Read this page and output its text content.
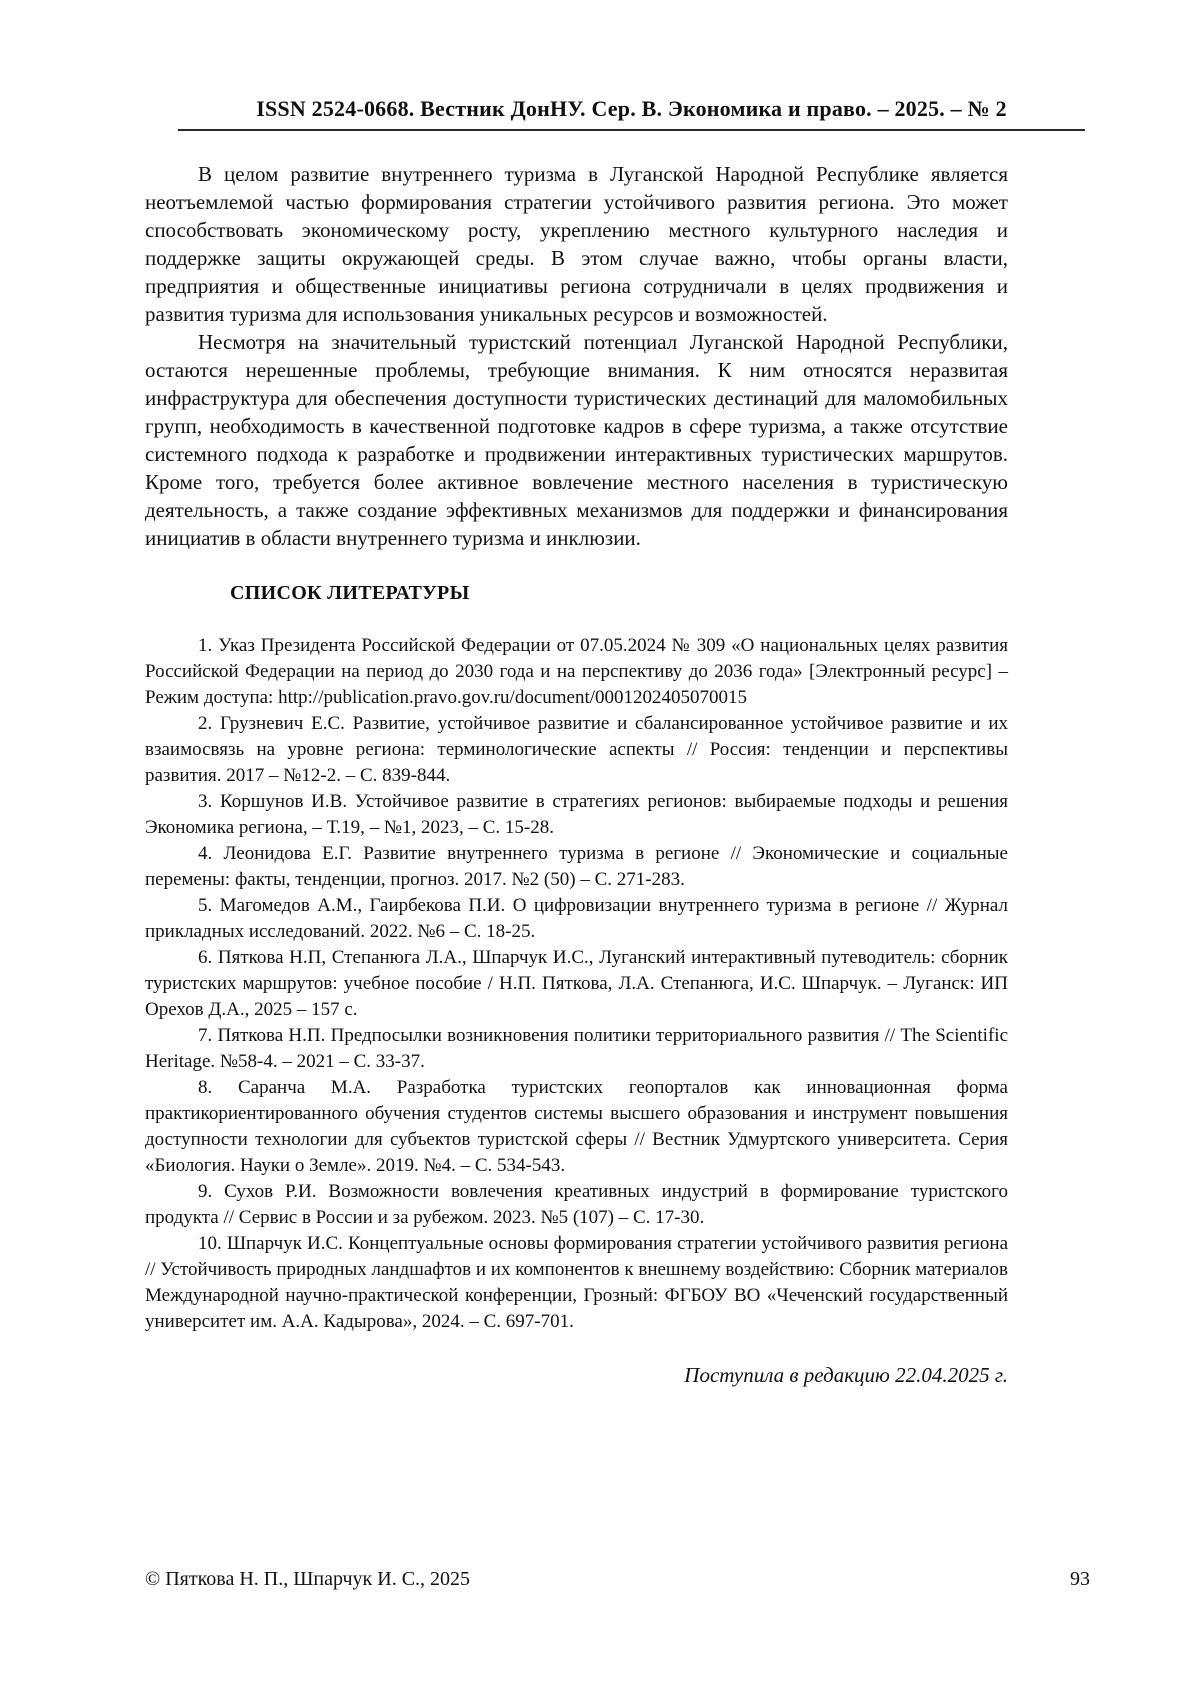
ISSN 2524-0668. Вестник ДонНУ. Сер. В. Экономика и право. – 2025. – № 2

В целом развитие внутреннего туризма в Луганской Народной Республике является неотъемлемой частью формирования стратегии устойчивого развития региона. Это может способствовать экономическому росту, укреплению местного культурного наследия и поддержке защиты окружающей среды. В этом случае важно, чтобы органы власти, предприятия и общественные инициативы региона сотрудничали в целях продвижения и развития туризма для использования уникальных ресурсов и возможностей.

Несмотря на значительный туристский потенциал Луганской Народной Республики, остаются нерешенные проблемы, требующие внимания. К ним относятся неразвитая инфраструктура для обеспечения доступности туристических дестинаций для маломобильных групп, необходимость в качественной подготовке кадров в сфере туризма, а также отсутствие системного подхода к разработке и продвижении интерактивных туристических маршрутов. Кроме того, требуется более активное вовлечение местного населения в туристическую деятельность, а также создание эффективных механизмов для поддержки и финансирования инициатив в области внутреннего туризма и инклюзии.

СПИСОК ЛИТЕРАТУРЫ

1. Указ Президента Российской Федерации от 07.05.2024 № 309 «О национальных целях развития Российской Федерации на период до 2030 года и на перспективу до 2036 года» [Электронный ресурс] – Режим доступа: http://publication.pravo.gov.ru/document/0001202405070015

2. Грузневич Е.С. Развитие, устойчивое развитие и сбалансированное устойчивое развитие и их взаимосвязь на уровне региона: терминологические аспекты // Россия: тенденции и перспективы развития. 2017 – №12-2. – С. 839-844.

3. Коршунов И.В. Устойчивое развитие в стратегиях регионов: выбираемые подходы и решения Экономика региона, – Т.19, – №1, 2023, – С. 15-28.

4. Леонидова Е.Г. Развитие внутреннего туризма в регионе // Экономические и социальные перемены: факты, тенденции, прогноз. 2017. №2 (50) – С. 271-283.

5. Магомедов А.М., Гаирбекова П.И. О цифровизации внутреннего туризма в регионе // Журнал прикладных исследований. 2022. №6 – С. 18-25.

6. Пяткова Н.П, Степанюга Л.А., Шпарчук И.С., Луганский интерактивный путеводитель: сборник туристских маршрутов: учебное пособие / Н.П. Пяткова, Л.А. Степанюга, И.С. Шпарчук. – Луганск: ИП Орехов Д.А., 2025 – 157 с.

7. Пяткова Н.П. Предпосылки возникновения политики территориального развития // The Scientific Heritage. №58-4. – 2021 – С. 33-37.

8. Саранча М.А. Разработка туристских геопорталов как инновационная форма практикориентированного обучения студентов системы высшего образования и инструмент повышения доступности технологии для субъектов туристской сферы // Вестник Удмуртского университета. Серия «Биология. Науки о Земле». 2019. №4. – С. 534-543.

9. Сухов Р.И. Возможности вовлечения креативных индустрий в формирование туристского продукта // Сервис в России и за рубежом. 2023. №5 (107) – С. 17-30.

10. Шпарчук И.С. Концептуальные основы формирования стратегии устойчивого развития региона // Устойчивость природных ландшафтов и их компонентов к внешнему воздействию: Сборник материалов Международной научно-практической конференции, Грозный: ФГБОУ ВО «Чеченский государственный университет им. А.А. Кадырова», 2024. – С. 697-701.

Поступила в редакцию 22.04.2025 г.

© Пяткова Н. П., Шпарчук И. С., 2025	93
